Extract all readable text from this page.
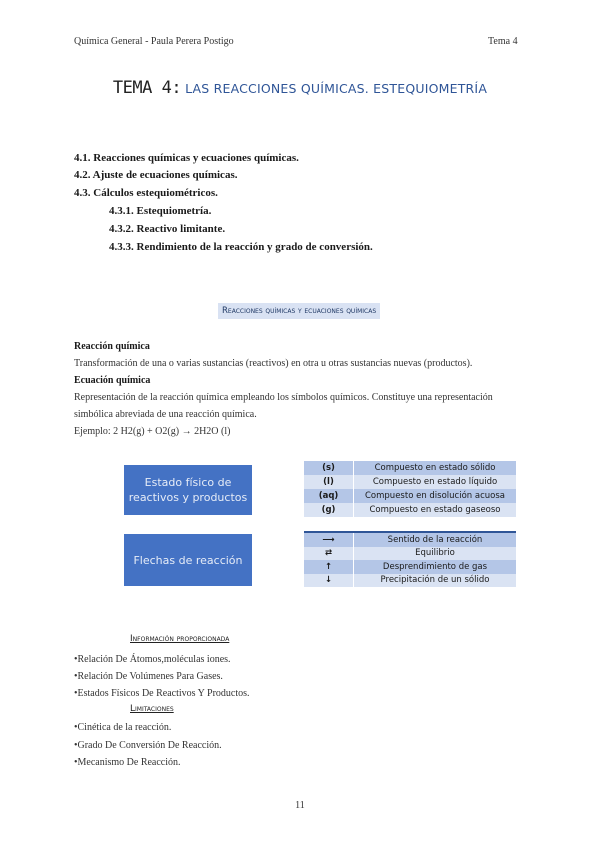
Química General - Paula Perera Postigo	Tema 4
TEMA 4: LAS REACCIONES QUÍMICAS. ESTEQUIOMETRÍA
4.1. Reacciones químicas y ecuaciones químicas.
4.2. Ajuste de ecuaciones químicas.
4.3. Cálculos estequiométricos.
4.3.1. Estequiometría.
4.3.2. Reactivo limitante.
4.3.3. Rendimiento de la reacción y grado de conversión.
Reacciones químicas y ecuaciones químicas
Reacción química
Transformación de una o varias sustancias (reactivos) en otra u otras sustancias nuevas (productos).
Ecuación química
Representación de la reacción química empleando los símbolos químicos. Constituye una representación
simbólica abreviada de una reacción química.
Ejemplo: 2 H2(g) + O2(g) → 2H2O (l)
Estado físico de reactivos y productos
(s)	Compuesto en estado sólido
(l)	Compuesto en estado líquido
(aq)	Compuesto en disolución acuosa
(g)	Compuesto en estado gaseoso
Flechas de reacción
⟶	Sentido de la reacción
⇄	Equilibrio
↑	Desprendimiento de gas
↓	Precipitación de un sólido
Información proporcionada
•Relación De Átomos,moléculas iones.
•Relación De Volúmenes Para Gases.
•Estados Físicos De Reactivos Y Productos.
Limitaciones
•Cinética de la reacción.
•Grado De Conversión De Reacción.
•Mecanismo De Reacción.
11
